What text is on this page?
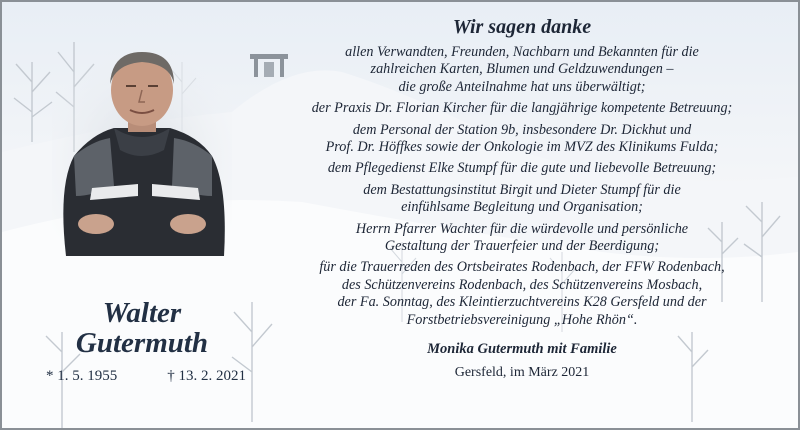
Walter
Gutermuth
* 1. 5. 1955	† 13. 2. 2021
Wir sagen danke
allen Verwandten, Freunden, Nachbarn und Bekannten für die
zahlreichen Karten, Blumen und Geldzuwendungen –
die große Anteilnahme hat uns überwältigt;
der Praxis Dr. Florian Kircher für die langjährige kompetente Betreuung;
dem Personal der Station 9b, insbesondere Dr. Dickhut und
Prof. Dr. Höffkes sowie der Onkologie im MVZ des Klinikums Fulda;
dem Pflegedienst Elke Stumpf für die gute und liebevolle Betreuung;
dem Bestattungsinstitut Birgit und Dieter Stumpf für die
einfühlsame Begleitung und Organisation;
Herrn Pfarrer Wachter für die würdevolle und persönliche
Gestaltung der Trauerfeier und der Beerdigung;
für die Trauerreden des Ortsbeirates Rodenbach, der FFW Rodenbach,
des Schützenvereins Rodenbach, des Schützenvereins Mosbach,
der Fa. Sonntag, des Kleintierzuchtvereins K28 Gersfeld und der
Forstbetriebsvereinigung „Hohe Rhön“.
Monika Gutermuth mit Familie
Gersfeld, im März 2021
